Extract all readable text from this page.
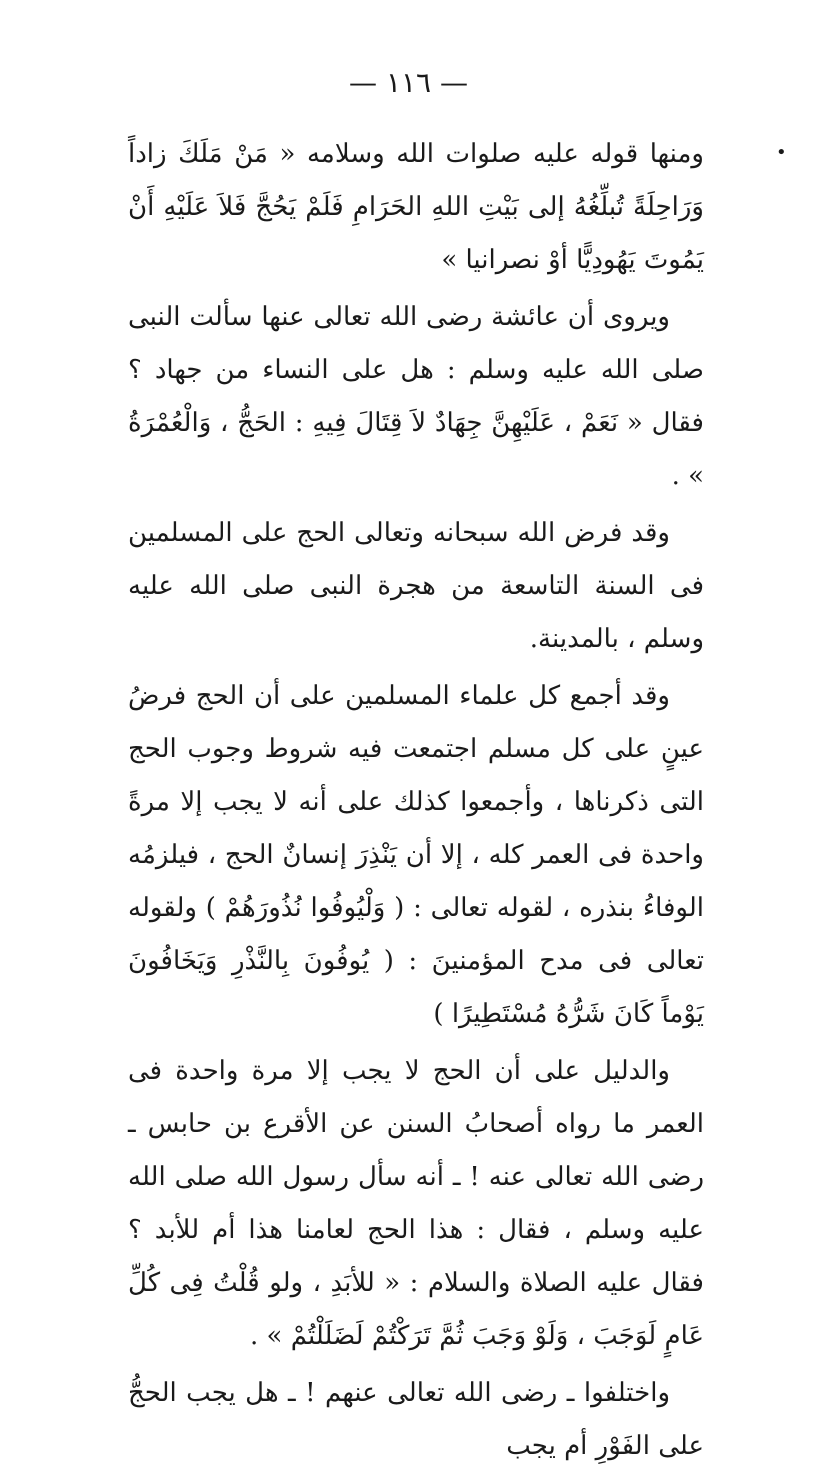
— ١١٦ —
•

ومنها قوله عليه صلوات الله وسلامه « مَنْ مَلَكَ زاداً وَرَاحِلَةً تُبلِّغُهُ إلى بَيْتِ اللهِ الحَرَامِ فَلَمْ يَحُجَّ فَلاَ عَلَيْهِ أَنْ يَمُوتَ يَهُودِيًّا أوْ نصرانيا »

ويروى أن عائشة رضى الله تعالى عنها سألت النبى صلى الله عليه وسلم : هل على النساء من جهاد ؟ فقال « نَعَمْ ، عَلَيْهِنَّ جِهَادٌ لاَ قِتَالَ فِيهِ : الحَجُّ ، وَالْعُمْرَةُ » .

وقد فرض الله سبحانه وتعالى الحج على المسلمين فى السنة التاسعة من هجرة النبى صلى الله عليه وسلم ، بالمدينة.

وقد أجمع كل علماء المسلمين على أن الحج فرضُ عينٍ على كل مسلم اجتمعت فيه شروط وجوب الحج التى ذكرناها ، وأجمعوا كذلك على أنه لا يجب إلا مرةً واحدة فى العمر كله ، إلا أن يَنْذِرَ إنسانٌ الحج ، فيلزمُه الوفاءُ بنذره ، لقوله تعالى : ( وَلْيُوفُوا نُذُورَهُمْ ) ولقوله تعالى فى مدح المؤمنينَ : ( يُوفُونَ بِالنَّذْرِ وَيَخَافُونَ يَوْماً كَانَ شَرُّهُ مُسْتَطِيرًا )

والدليل على أن الحج لا يجب إلا مرة واحدة فى العمر ما رواه أصحابُ السنن عن الأقرع بن حابس ـ رضى الله تعالى عنه ! ـ أنه سأل رسول الله صلى الله عليه وسلم ، فقال : هذا الحج لعامنا هذا أم للأبد ؟ فقال عليه الصلاة والسلام : « للأبَدِ ، ولو قُلْتُ فِى كُلِّ عَامٍ لَوَجَبَ ، وَلَوْ وَجَبَ ثُمَّ تَرَكْتُمْ لَضَلَلْتُمْ » .

واختلفوا ـ رضى الله تعالى عنهم ! ـ هل يجب الحجُّ على الفَوْرِ أم يجب
